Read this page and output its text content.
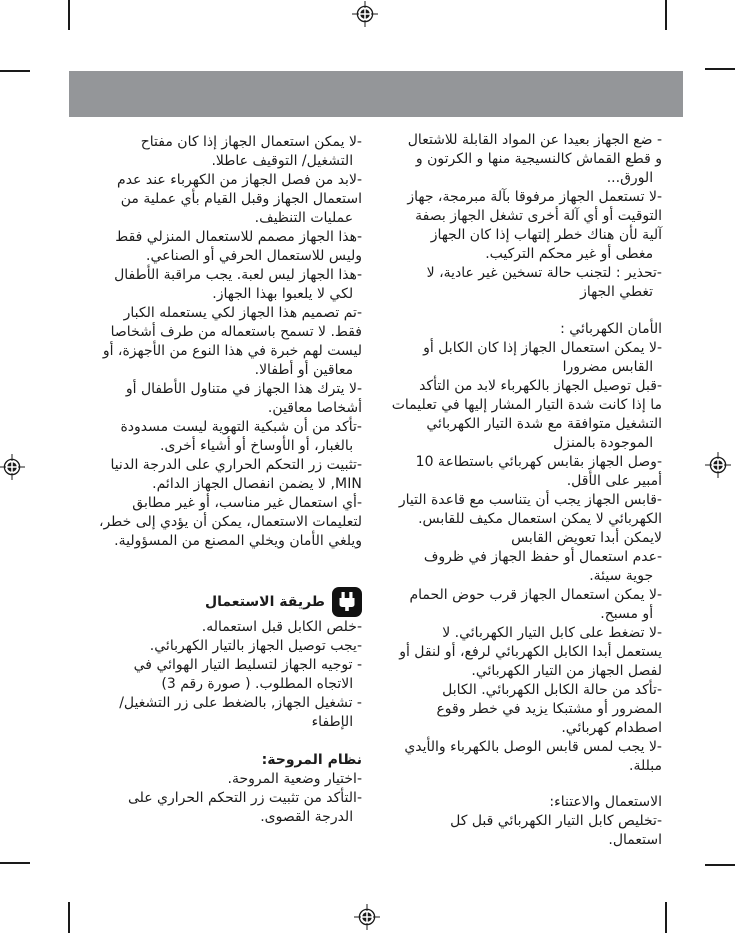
- ضع الجهاز بعيدا عن المواد القابلة للاشتعال
و قطع القماش كالنسيجية منها و الكرتون و
الورق...
-لا تستعمل الجهاز مرفوقا بآلة مبرمجة، جهاز
التوقيت أو أي آلة أخرى تشغل الجهاز بصفة
آلية لأن هناك خطر إلتهاب إذا كان الجهاز
مغطى أو غير محكم التركيب.
-تحذير : لتجنب حالة تسخين غير عادية، لا
تغطي الجهاز
الأمان الكهربائي :
-لا يمكن استعمال الجهاز إذا كان الكابل أو
القابس مضرورا
-قبل توصيل الجهاز بالكهرباء لابد من التأكد
ما إذا كانت شدة التيار المشار إليها في تعليمات
التشغيل متوافقة مع شدة التيار الكهربائي
الموجودة بالمنزل
-وصل الجهاز بقابس كهربائي باستطاعة 10
أمبير على الأقل.
-قابس الجهاز يجب أن يتناسب مع قاعدة التيار
الكهربائي لا يمكن استعمال مكيف للقابس.
لايمكن أبدا تعويض القابس
-عدم استعمال أو حفظ الجهاز في ظروف
جوية سيئة.
-لا يمكن استعمال الجهاز قرب حوض الحمام
أو مسبح.
-لا تضغط على كابل التيار الكهربائي. لا
يستعمل أبدا الكابل الكهربائي لرفع، أو لنقل أو
لفصل الجهاز من التيار الكهربائي.
-تأكد من حالة الكابل الكهربائي. الكابل
المضرور أو مشتبكا يزيد في خطر وقوع
اصطدام كهربائي.
-لا يجب لمس قابس الوصل بالكهرباء والأيدي
مبللة.
الاستعمال والاعتناء:
-تخليص كابل التيار الكهربائي قبل كل
استعمال.
-لا يمكن استعمال الجهاز إذا كان مفتاح
التشغيل/ التوقيف عاطلا.
-لابد من فصل الجهاز من الكهرباء عند عدم
استعمال الجهاز وقبل القيام بأي عملية من
عمليات التنظيف.
-هذا الجهاز مصمم للاستعمال المنزلي فقط
وليس للاستعمال الحرفي أو الصناعي.
-هذا الجهاز ليس لعبة. يجب مراقبة الأطفال
لكي لا يلعبوا بهذا الجهاز.
-تم تصميم هذا الجهاز لكي يستعمله الكبار
فقط. لا تسمح باستعماله من طرف أشخاصا
ليست لهم خبرة في هذا النوع من الأجهزة، أو
معاقين أو أطفالا.
-لا يترك هذا الجهاز في متناول الأطفال أو
أشخاصا معاقين.
-تأكد من أن شبكية التهوية ليست مسدودة
بالغبار، أو الأوساخ أو أشياء أخرى.
-تثبيت زر التحكم الحراري على الدرجة الدنيا
MIN, لا يضمن انفصال الجهاز الدائم.
-أي استعمال غير مناسب، أو غير مطابق
لتعليمات الاستعمال، يمكن أن يؤدي إلى خطر،
ويلغي الأمان ويخلي المصنع من المسؤولية.
طريقة الاستعمال
-خلص الكابل قبل استعماله.
-يجب توصيل الجهاز بالتيار الكهربائي.
- توجيه الجهاز لتسليط التيار الهوائي في
الاتجاه المطلوب. ( صورة رقم 3)
- تشغيل الجهاز, بالضغط على زر التشغيل/
الإطفاء
نظام المروحة:
-اختيار وضعية المروحة.
-التأكد من تثبيت زر التحكم الحراري على
الدرجة القصوى.
